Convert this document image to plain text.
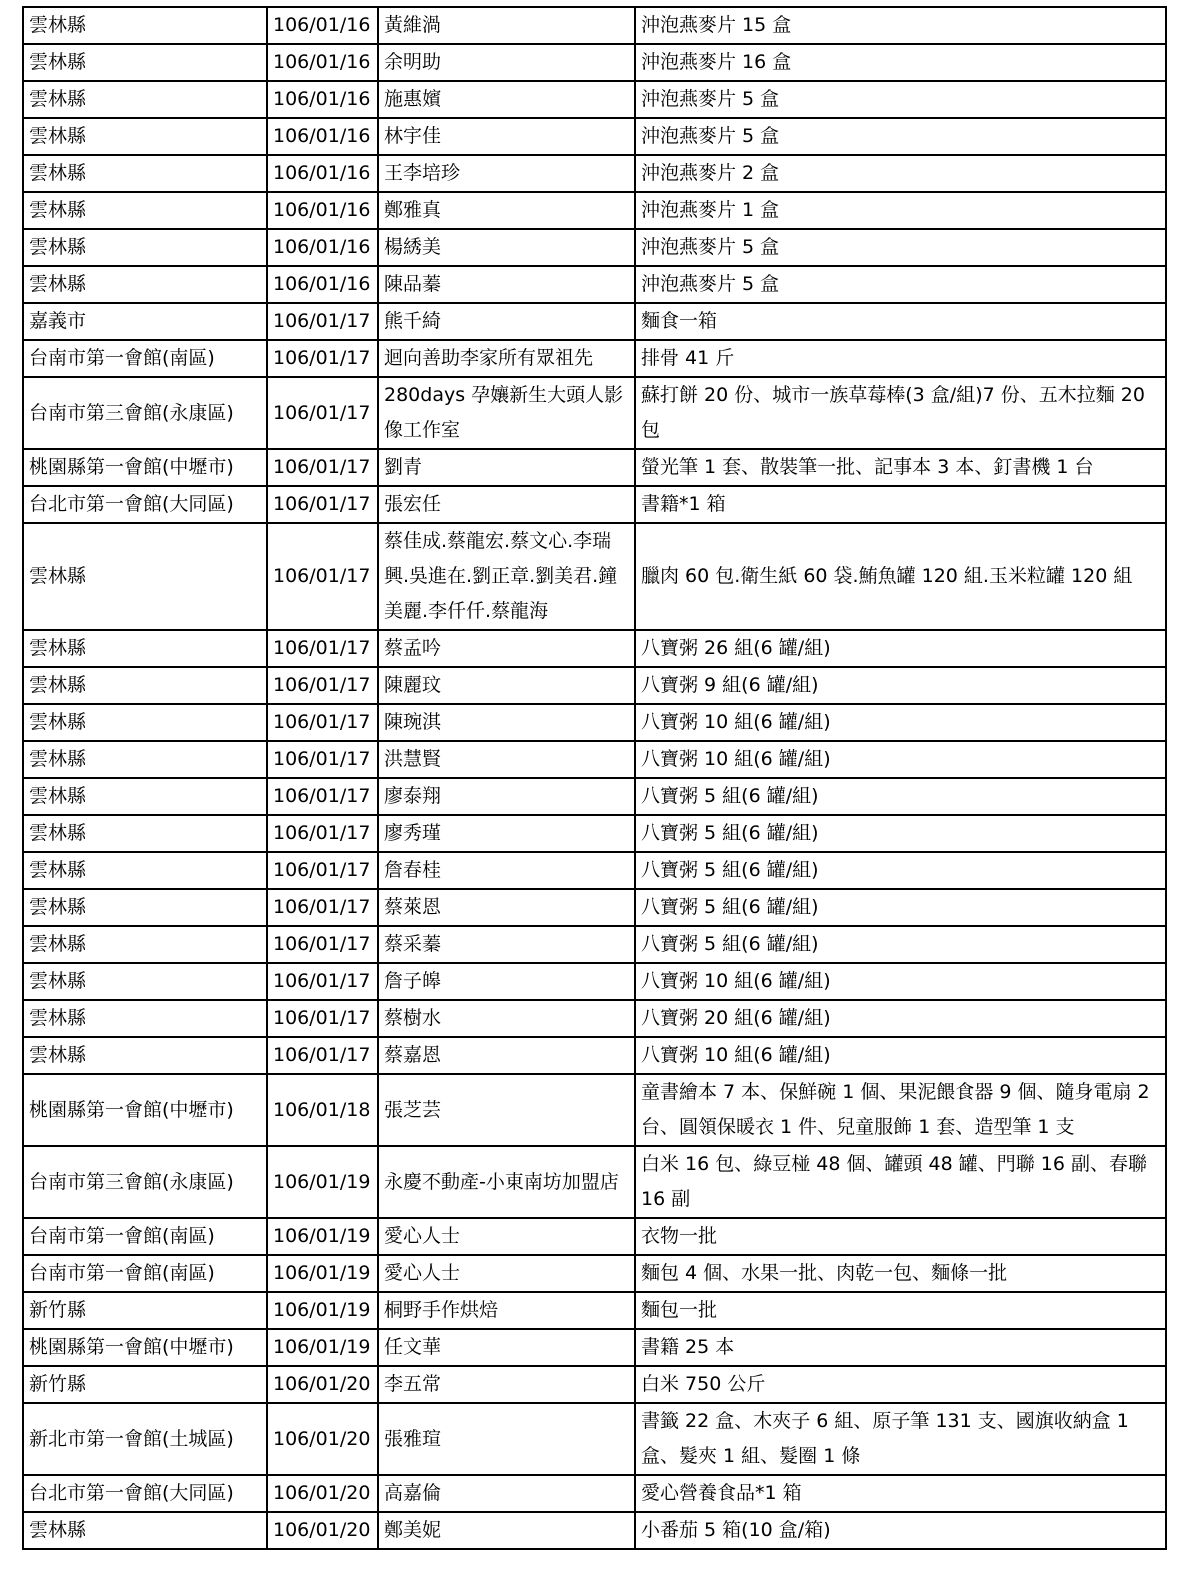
雲林縣	106/01/16	黃維渦	沖泡燕麥片 15 盒
雲林縣	106/01/16	余明助	沖泡燕麥片 16 盒
雲林縣	106/01/16	施惠嬪	沖泡燕麥片 5 盒
雲林縣	106/01/16	林宇佳	沖泡燕麥片 5 盒
雲林縣	106/01/16	王李培珍	沖泡燕麥片 2 盒
雲林縣	106/01/16	鄭雅真	沖泡燕麥片 1 盒
雲林縣	106/01/16	楊綉美	沖泡燕麥片 5 盒
雲林縣	106/01/16	陳品蓁	沖泡燕麥片 5 盒
嘉義市	106/01/17	熊千綺	麵食一箱
台南市第一會館(南區)	106/01/17	迴向善助李家所有眾祖先	排骨 41 斤
台南市第三會館(永康區)	106/01/17	280days 孕孃新生大頭人影像工作室	蘇打餅 20 份、城市一族草莓棒(3 盒/組)7 份、五木拉麵 20 包
桃園縣第一會館(中壢市)	106/01/17	劉青	螢光筆 1 套、散裝筆一批、記事本 3 本、釘書機 1 台
台北市第一會館(大同區)	106/01/17	張宏任	書籍*1 箱
雲林縣	106/01/17	蔡佳成.蔡龍宏.蔡文心.李瑞興.吳進在.劉正章.劉美君.鐘美麗.李仟仟.蔡龍海	臘肉 60 包.衛生紙 60 袋.鮪魚罐 120 組.玉米粒罐 120 組
雲林縣	106/01/17	蔡孟吟	八寶粥 26 組(6 罐/組)
雲林縣	106/01/17	陳麗玟	八寶粥 9 組(6 罐/組)
雲林縣	106/01/17	陳琬淇	八寶粥 10 組(6 罐/組)
雲林縣	106/01/17	洪慧賢	八寶粥 10 組(6 罐/組)
雲林縣	106/01/17	廖泰翔	八寶粥 5 組(6 罐/組)
雲林縣	106/01/17	廖秀瑾	八寶粥 5 組(6 罐/組)
雲林縣	106/01/17	詹春桂	八寶粥 5 組(6 罐/組)
雲林縣	106/01/17	蔡萊恩	八寶粥 5 組(6 罐/組)
雲林縣	106/01/17	蔡采蓁	八寶粥 5 組(6 罐/組)
雲林縣	106/01/17	詹子皞	八寶粥 10 組(6 罐/組)
雲林縣	106/01/17	蔡樹水	八寶粥 20 組(6 罐/組)
雲林縣	106/01/17	蔡嘉恩	八寶粥 10 組(6 罐/組)
桃園縣第一會館(中壢市)	106/01/18	張芝芸	童書繪本 7 本、保鮮碗 1 個、果泥餵食器 9 個、隨身電扇 2 台、圓領保暖衣 1 件、兒童服飾 1 套、造型筆 1 支
台南市第三會館(永康區)	106/01/19	永慶不動產-小東南坊加盟店	白米 16 包、綠豆椪 48 個、罐頭 48 罐、門聯 16 副、春聯 16 副
台南市第一會館(南區)	106/01/19	愛心人士	衣物一批
台南市第一會館(南區)	106/01/19	愛心人士	麵包 4 個、水果一批、肉乾一包、麵條一批
新竹縣	106/01/19	桐野手作烘焙	麵包一批
桃園縣第一會館(中壢市)	106/01/19	任文華	書籍 25 本
新竹縣	106/01/20	李五常	白米 750 公斤
新北市第一會館(土城區)	106/01/20	張雅瑄	書籤 22 盒、木夾子 6 組、原子筆 131 支、國旗收納盒 1 盒、髮夾 1 組、髮圈 1 條
台北市第一會館(大同區)	106/01/20	高嘉倫	愛心營養食品*1 箱
雲林縣	106/01/20	鄭美妮	小番茄 5 箱(10 盒/箱)
